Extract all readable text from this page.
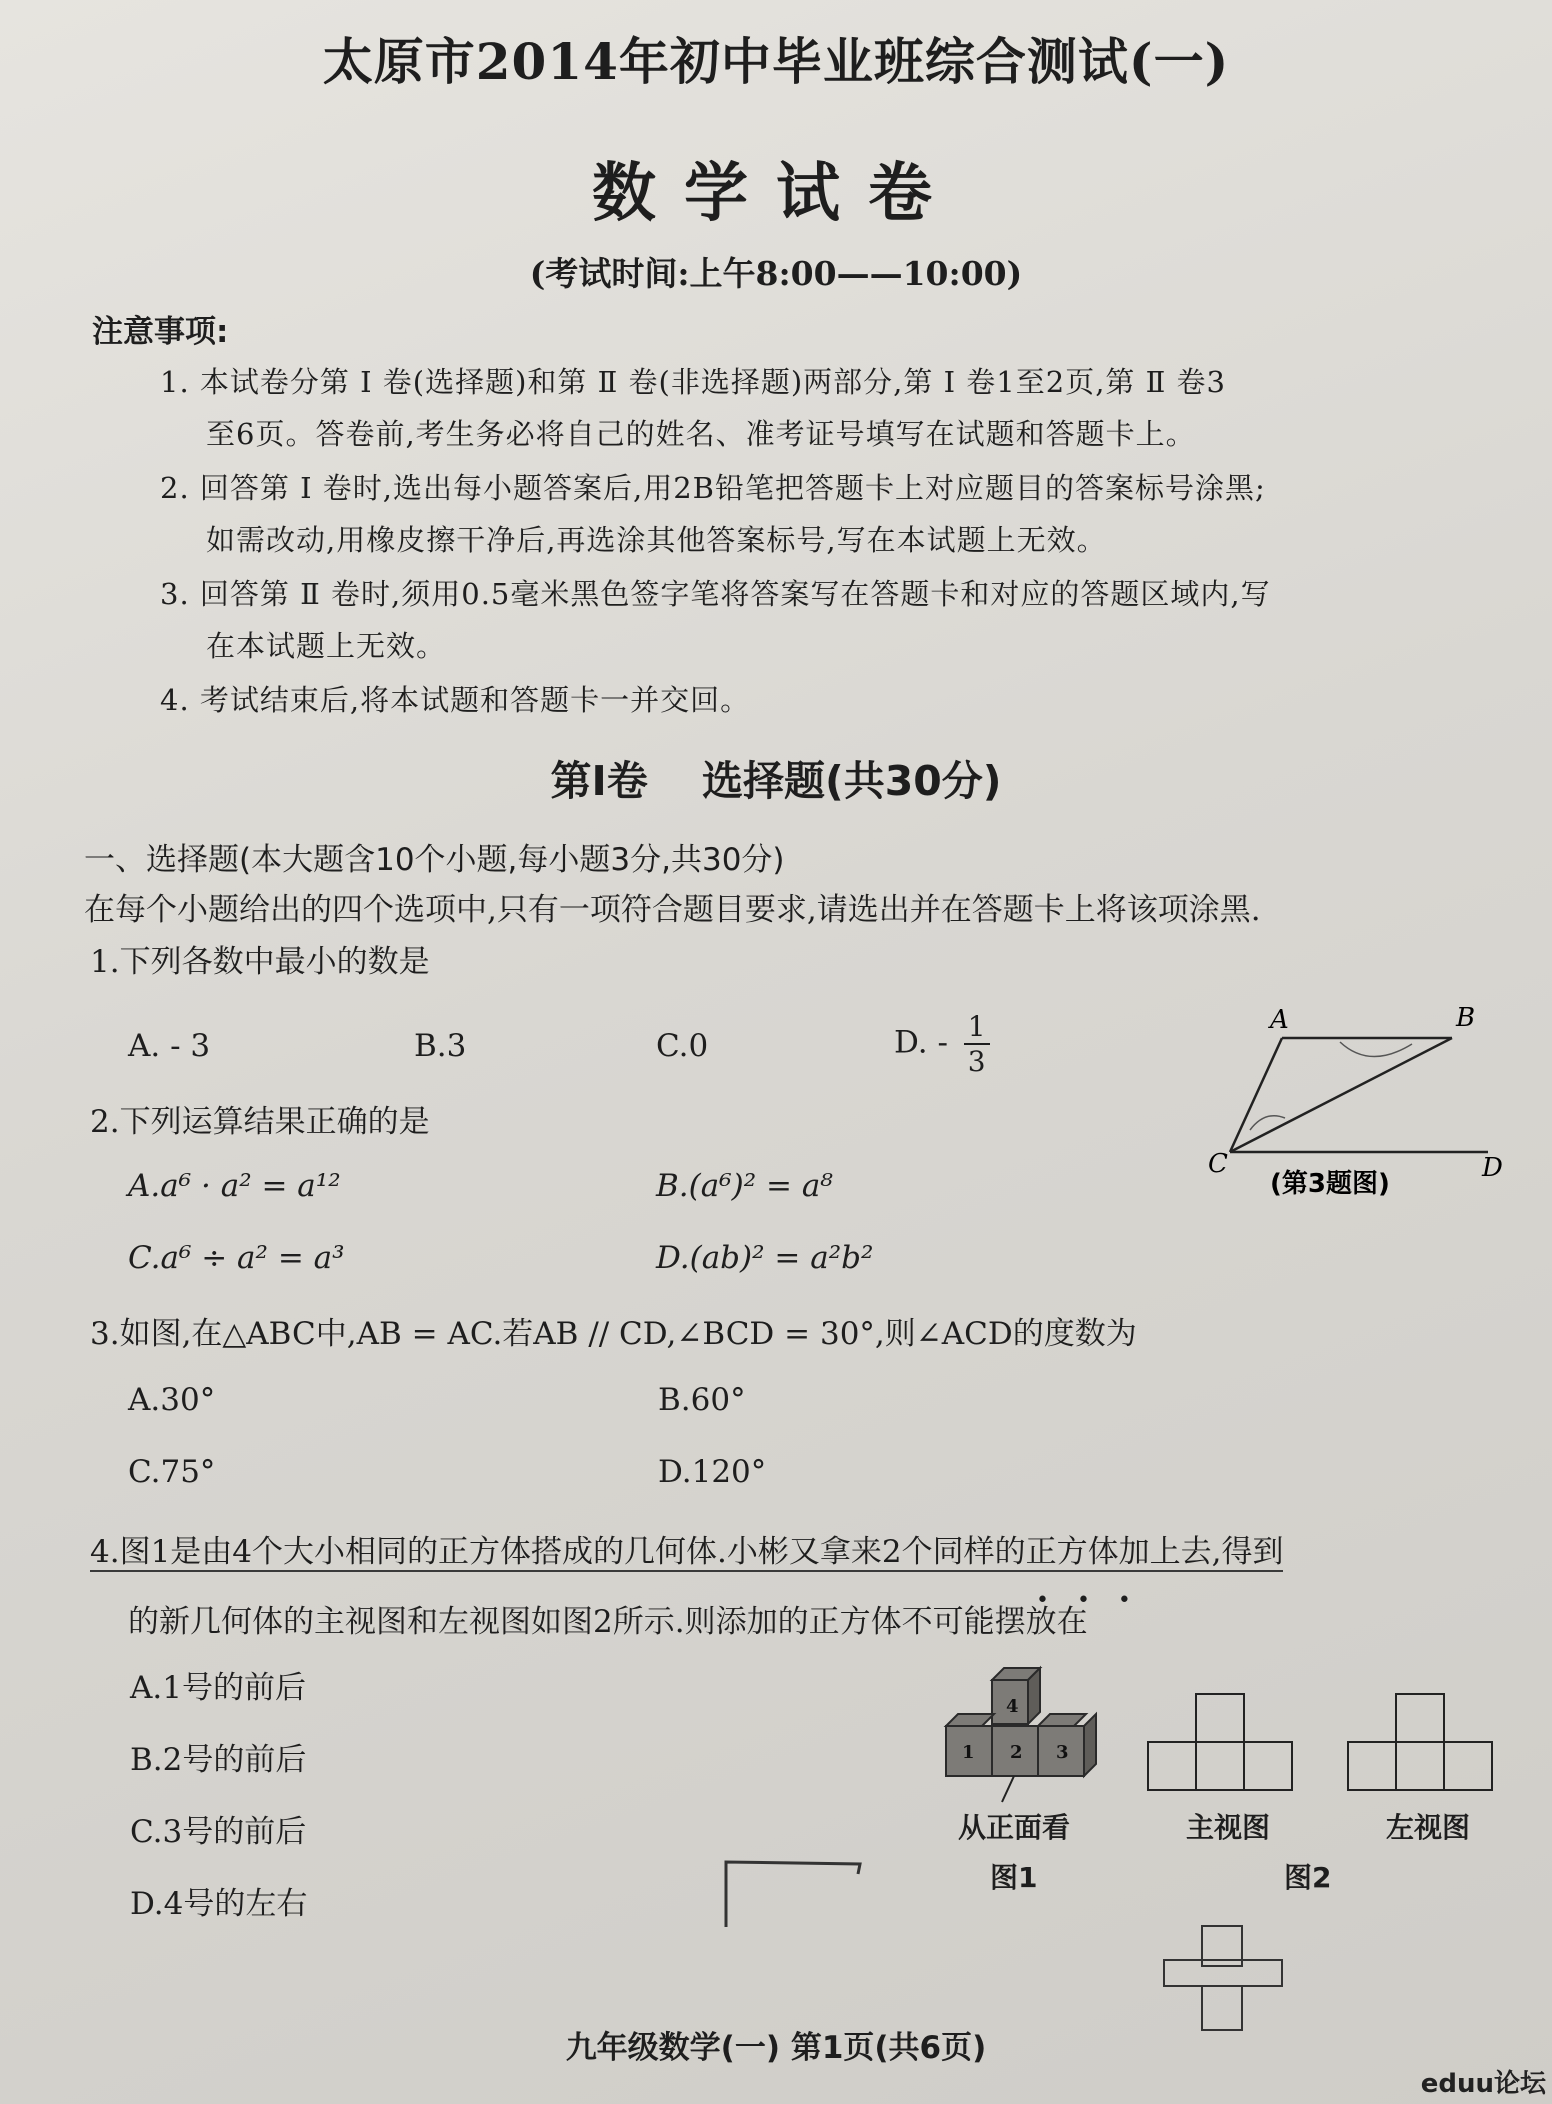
太原市2014年初中毕业班综合测试(一)
数学试卷
(考试时间:上午8:00——10:00)
注意事项:
1. 本试卷分第 Ⅰ 卷(选择题)和第 Ⅱ 卷(非选择题)两部分,第 Ⅰ 卷1至2页,第 Ⅱ 卷3
至6页。答卷前,考生务必将自己的姓名、准考证号填写在试题和答题卡上。
2. 回答第 Ⅰ 卷时,选出每小题答案后,用2B铅笔把答题卡上对应题目的答案标号涂黑;
如需改动,用橡皮擦干净后,再选涂其他答案标号,写在本试题上无效。
3. 回答第 Ⅱ 卷时,须用0.5毫米黑色签字笔将答案写在答题卡和对应的答题区域内,写
在本试题上无效。
4. 考试结束后,将本试题和答题卡一并交回。
第Ⅰ卷 选择题(共30分)
一、选择题(本大题含10个小题,每小题3分,共30分)
在每个小题给出的四个选项中,只有一项符合题目要求,请选出并在答题卡上将该项涂黑.
1.下列各数中最小的数是
A. - 3	B.3	C.0	D. - $\frac{1}{3}$	A	B
C	D
(第3题图)
2.下列运算结果正确的是
A.a⁶ · a² = a¹²	B.(a⁶)² = a⁸
C.a⁶ ÷ a² = a³	D.(ab)² = a²b²
3.如图,在△ABC中,AB = AC.若AB // CD,∠BCD = 30°,则∠ACD的度数为
A.30°	B.60°
C.75°	D.120°
4.图1是由4个大小相同的正方体搭成的几何体.小彬又拿来2个同样的正方体加上去,得到
的新几何体的主视图和左视图如图2所示.则添加的正方体不可能摆放在
A.1号的前后
B.2号的前后
C.3号的前后
D.4号的左右
•    •    •
4
1 2 3
从正面看
图1
主视图	左视图
图2
九年级数学(一) 第1页(共6页)
eduu论坛
